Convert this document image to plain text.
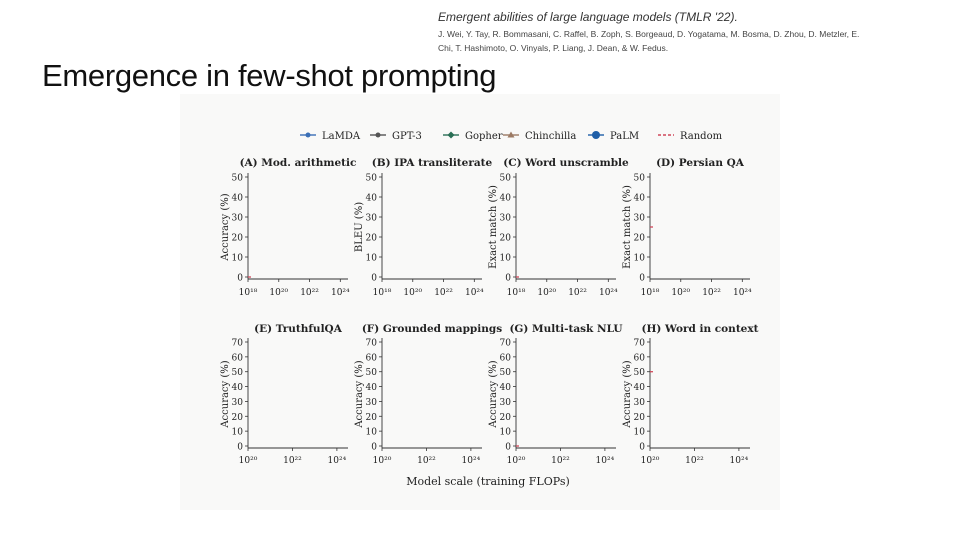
Emergent abilities of large language models (TMLR '22).
J. Wei, Y. Tay, R. Bommasani, C. Raffel, B. Zoph, S. Borgeaud, D. Yogatama, M. Bosma, D. Zhou, D. Metzler, E.
Chi, T. Hashimoto, O. Vinyals, P. Liang, J. Dean, & W. Fedus.
Emergence in few-shot prompting
LaMDA	GPT-3	Gopher Chinchilla	PaLM	Random
(A) Mod. arithmetic
50
40
30
20
10
0
Accuracy (%)
10¹⁸ 10²⁰ 10²² 10²⁴
(B) IPA transliterate
50
40
30
20
10
0
BLEU (%)
10¹⁸ 10²⁰ 10²² 10²⁴
(C) Word unscramble
50
40
30
20
10
0
Exact match (%)
10¹⁸ 10²⁰ 10²² 10²⁴
(D) Persian QA
50
40
30
20
10
0
Exact match (%)
10¹⁸ 10²⁰ 10²² 10²⁴
(E) TruthfulQA
70
60
50
40
30
20
10
0
Accuracy (%)
10²⁰	10²²	10²⁴
(F) Grounded mappings
70
60
50
40
30
20
10
0
Accuracy (%)
10²⁰	10²²	10²⁴
(G) Multi-task NLU
70
60
50
40
30
20
10
0
Accuracy (%)
10²⁰	10²²	10²⁴
(H) Word in context
70
60
50
40
30
20
10
0
Accuracy (%)
10²⁰	10²²	10²⁴
Model scale (training FLOPs)
